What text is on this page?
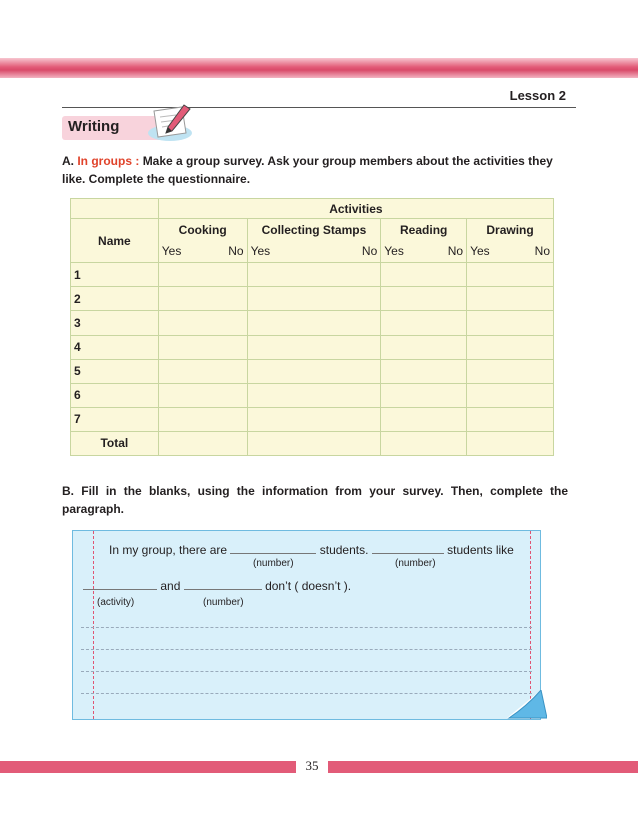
Lesson 2
Writing
A. In groups : Make a group survey. Ask your group members about the activities they like. Complete the questionnaire.
	Activities			
Name	Cooking	Collecting Stamps	Reading	Drawing

	Yes No	Yes No	Yes No	Yes No

1				
2				
3				
4				
5				
6				
7				
Total				
B. Fill in the blanks, using the information from your survey. Then, complete the paragraph.
In my group, there are	students.	students like
(number)	(number)
and	don’t ( doesn’t ).
(activity)	(number)
35
